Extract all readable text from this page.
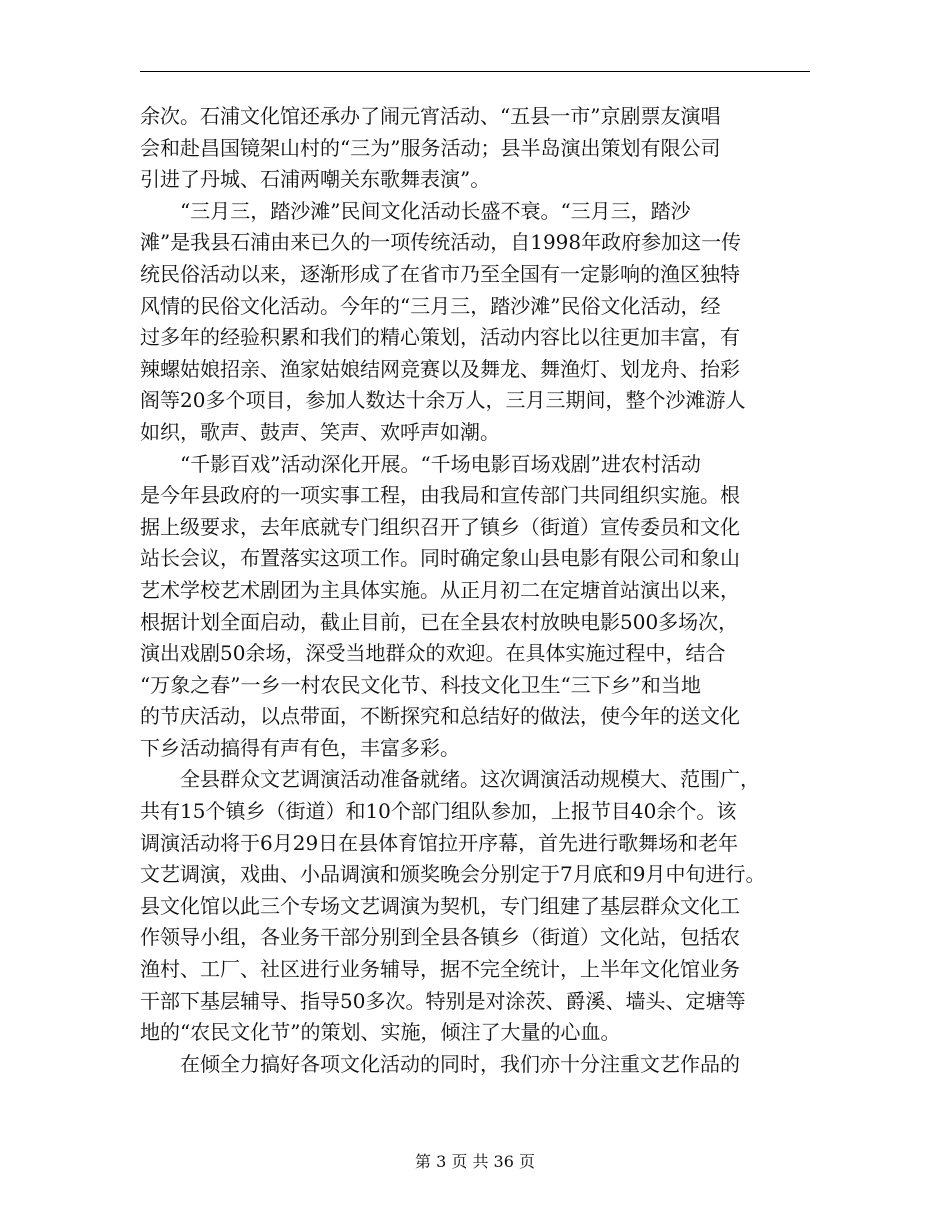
余次。石浦文化馆还承办了闹元宵活动、“五县一市”京剧票友演唱
会和赴昌国镜架山村的“三为”服务活动；县半岛演出策划有限公司
引进了丹城、石浦两嘲关东歌舞表演”。
　　“三月三，踏沙滩”民间文化活动长盛不衰。“三月三，踏沙
滩”是我县石浦由来已久的一项传统活动，自1998年政府参加这一传
统民俗活动以来，逐渐形成了在省市乃至全国有一定影响的渔区独特
风情的民俗文化活动。今年的“三月三，踏沙滩”民俗文化活动，经
过多年的经验积累和我们的精心策划，活动内容比以往更加丰富，有
辣螺姑娘招亲、渔家姑娘结网竞赛以及舞龙、舞渔灯、划龙舟、抬彩
阁等20多个项目，参加人数达十余万人，三月三期间，整个沙滩游人
如织，歌声、鼓声、笑声、欢呼声如潮。
　　“千影百戏”活动深化开展。“千场电影百场戏剧”进农村活动
是今年县政府的一项实事工程，由我局和宣传部门共同组织实施。根
据上级要求，去年底就专门组织召开了镇乡（街道）宣传委员和文化
站长会议，布置落实这项工作。同时确定象山县电影有限公司和象山
艺术学校艺术剧团为主具体实施。从正月初二在定塘首站演出以来，
根据计划全面启动，截止目前，已在全县农村放映电影500多场次，
演出戏剧50余场，深受当地群众的欢迎。在具体实施过程中，结合
“万象之春”一乡一村农民文化节、科技文化卫生“三下乡”和当地
的节庆活动，以点带面，不断探究和总结好的做法，使今年的送文化
下乡活动搞得有声有色，丰富多彩。
　　全县群众文艺调演活动准备就绪。这次调演活动规模大、范围广，
共有15个镇乡（街道）和10个部门组队参加，上报节目40余个。该
调演活动将于6月29日在县体育馆拉开序幕，首先进行歌舞场和老年
文艺调演，戏曲、小品调演和颁奖晚会分别定于7月底和9月中旬进行。
县文化馆以此三个专场文艺调演为契机，专门组建了基层群众文化工
作领导小组，各业务干部分别到全县各镇乡（街道）文化站，包括农
渔村、工厂、社区进行业务辅导，据不完全统计，上半年文化馆业务
干部下基层辅导、指导50多次。特别是对涂茨、爵溪、墙头、定塘等
地的“农民文化节”的策划、实施，倾注了大量的心血。
　　在倾全力搞好各项文化活动的同时，我们亦十分注重文艺作品的
第 3 页 共 36 页
